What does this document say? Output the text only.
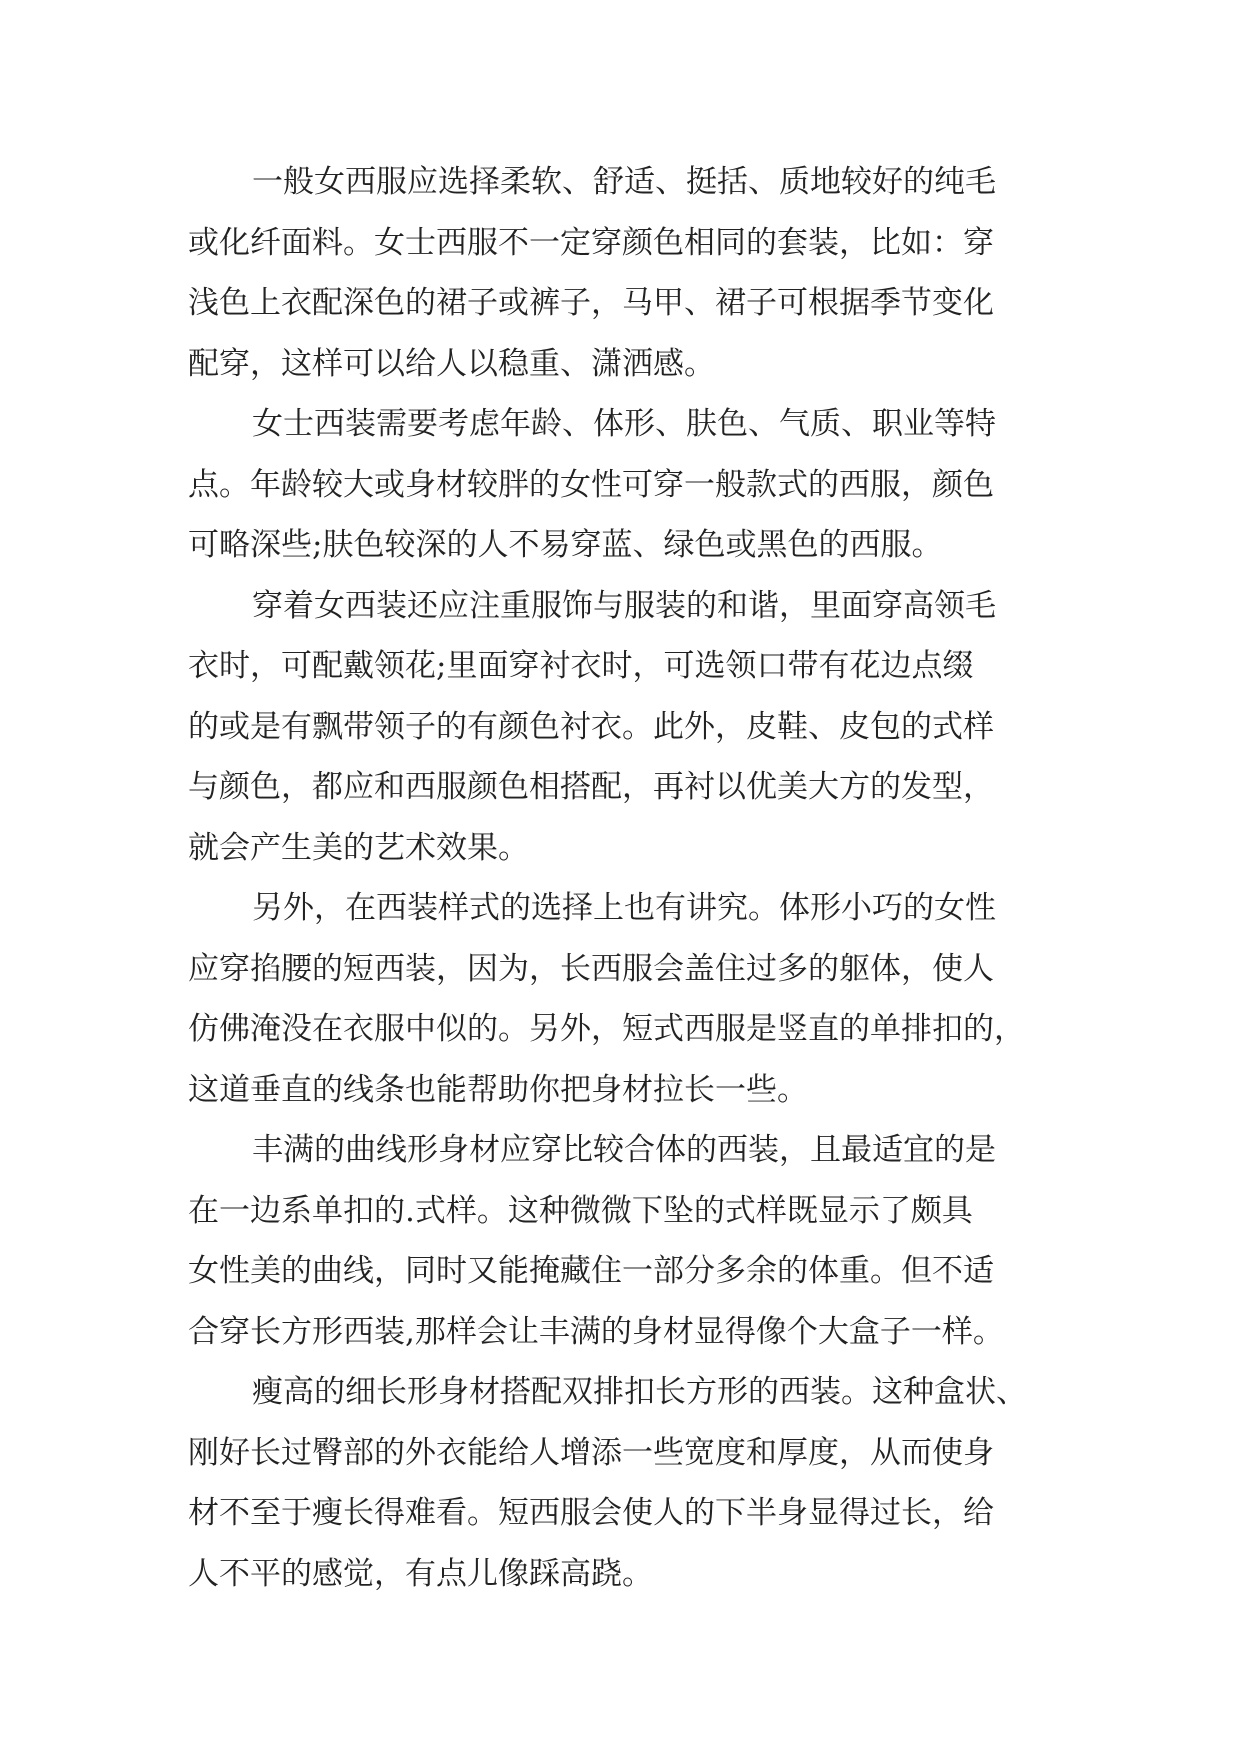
一般女西服应选择柔软、舒适、挺括、质地较好的纯毛
或化纤面料。女士西服不一定穿颜色相同的套装，比如：穿
浅色上衣配深色的裙子或裤子，马甲、裙子可根据季节变化
配穿，这样可以给人以稳重、潇洒感。
女士西装需要考虑年龄、体形、肤色、气质、职业等特
点。年龄较大或身材较胖的女性可穿一般款式的西服，颜色
可略深些;肤色较深的人不易穿蓝、绿色或黑色的西服。
穿着女西装还应注重服饰与服装的和谐，里面穿高领毛
衣时，可配戴领花;里面穿衬衣时，可选领口带有花边点缀
的或是有飘带领子的有颜色衬衣。此外，皮鞋、皮包的式样
与颜色，都应和西服颜色相搭配，再衬以优美大方的发型，
就会产生美的艺术效果。
另外，在西装样式的选择上也有讲究。体形小巧的女性
应穿掐腰的短西装，因为，长西服会盖住过多的躯体，使人
仿佛淹没在衣服中似的。另外，短式西服是竖直的单排扣的，
这道垂直的线条也能帮助你把身材拉长一些。
丰满的曲线形身材应穿比较合体的西装，且最适宜的是
在一边系单扣的.式样。这种微微下坠的式样既显示了颇具
女性美的曲线，同时又能掩藏住一部分多余的体重。但不适
合穿长方形西装,那样会让丰满的身材显得像个大盒子一样。
瘦高的细长形身材搭配双排扣长方形的西装。这种盒状、
刚好长过臀部的外衣能给人增添一些宽度和厚度，从而使身
材不至于瘦长得难看。短西服会使人的下半身显得过长，给
人不平的感觉，有点儿像踩高跷。
